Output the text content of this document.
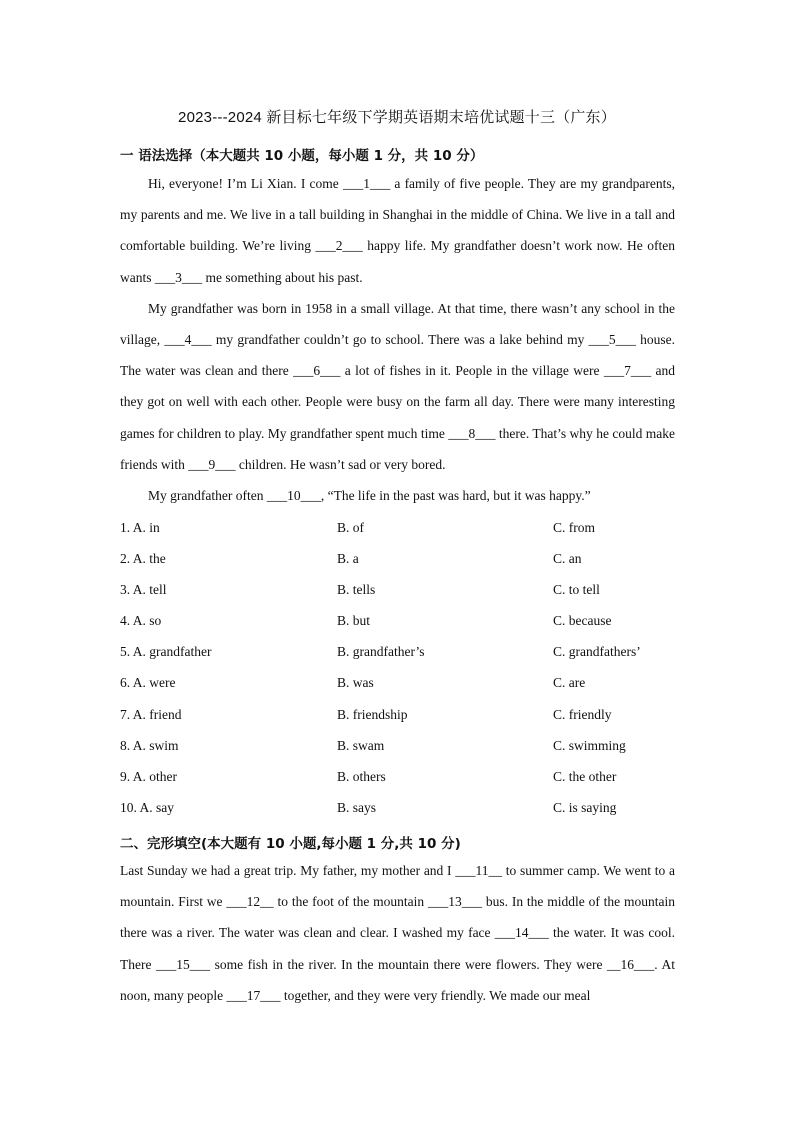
2023---2024 新目标七年级下学期英语期末培优试题十三（广东）
一 语法选择（本大题共 10 小题，每小题 1 分，共 10 分）

Hi, everyone! I’m Li Xian. I come ___1___ a family of five people. They are my grandparents, my parents and me. We live in a tall building in Shanghai in the middle of China. We live in a tall and comfortable building. We’re living ___2___ happy life. My grandfather doesn’t work now. He often wants ___3___ me something about his past.

My grandfather was born in 1958 in a small village. At that time, there wasn’t any school in the village, ___4___ my grandfather couldn’t go to school. There was a lake behind my ___5___ house. The water was clean and there ___6___ a lot of fishes in it. People in the village were ___7___ and they got on well with each other. People were busy on the farm all day. There were many interesting games for children to play. My grandfather spent much time ___8___ there. That’s why he could make friends with ___9___ children. He wasn’t sad or very bored.

My grandfather often ___10___, “The life in the past was hard, but it was happy.”

1. A. in	B. of	C. from
2. A. the	B. a	C. an
3. A. tell	B. tells	C. to tell
4. A. so	B. but	C. because
5. A. grandfather	B. grandfather’s	C. grandfathers’
6. A. were	B. was	C. are
7. A. friend	B. friendship	C. friendly
8. A. swim	B. swam	C. swimming
9. A. other	B. others	C. the other
10. A. say	B. says	C. is saying
二、完形填空(本大题有 10 小题,每小题 1 分,共 10 分)

Last Sunday we had a great trip. My father, my mother and I ___11__ to summer camp. We went to a mountain. First we ___12__ to the foot of the mountain ___13___ bus. In the middle of the mountain there was a river. The water was clean and clear. I washed my face ___14___ the water. It was cool. There ___15___ some fish in the river. In the mountain there were flowers. They were __16___. At noon, many people ___17___ together, and they were very friendly. We made our meal
